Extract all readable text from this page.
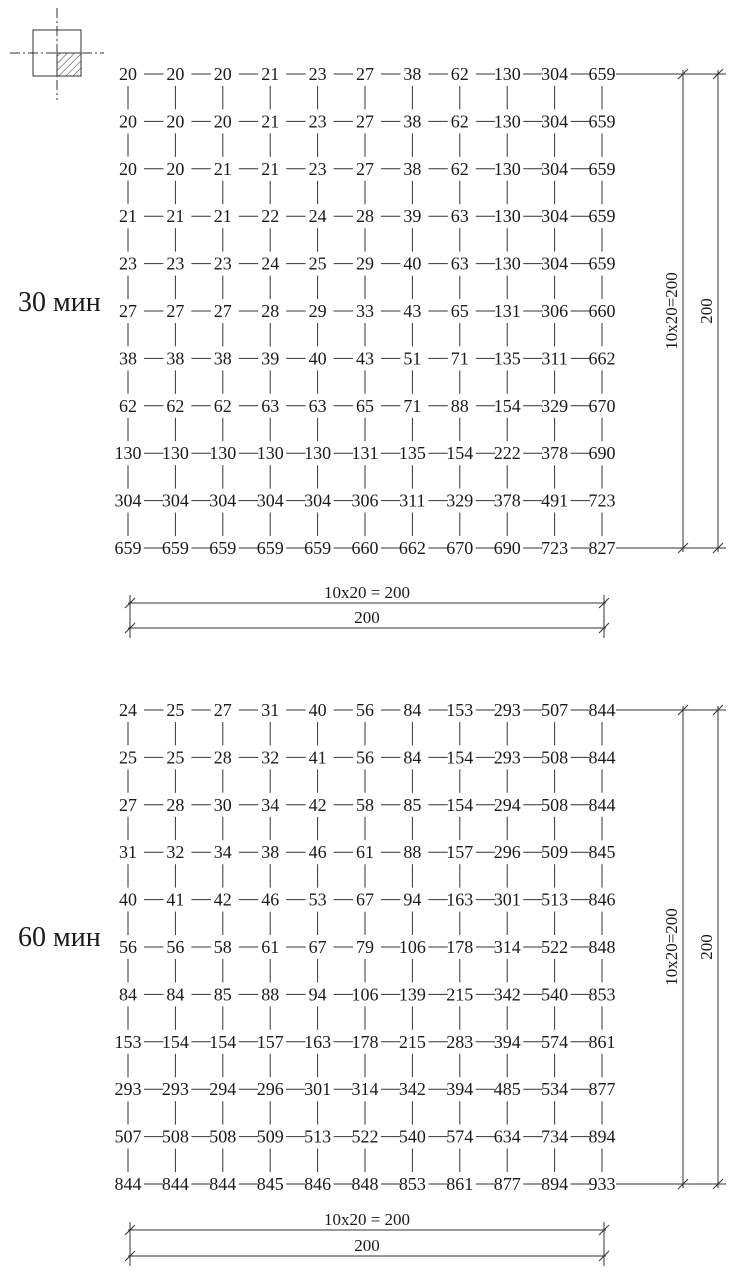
20 20 20 21 23 27 38 62 130 304 659
20 20 20 21 23 27 38 62 130 304 659
20 20 21 21 23 27 38 62 130 304 659
21 21 21 22 24 28 39 63 130 304 659
23 23 23 24 25 29 40 63 130 304 659
27 27 27 28 29 33 43 65 131 306 660
38 38 38 39 40 43 51 71 135 311 662
62 62 62 63 63 65 71 88 154 329 670
130 130 130 130 130 131 135 154 222 378 690
304 304 304 304 304 306 311 329 378 491 723
659 659 659 659 659 660 662 670 690 723 827
30 мин
10x20 = 200
200
10x20=200 200
24 25 27 31 40 56 84 153 293 507 844
25 25 28 32 41 56 84 154 293 508 844
27 28 30 34 42 58 85 154 294 508 844
31 32 34 38 46 61 88 157 296 509 845
40 41 42 46 53 67 94 163 301 513 846
56 56 58 61 67 79 106 178 314 522 848
84 84 85 88 94 106 139 215 342 540 853
153 154 154 157 163 178 215 283 394 574 861
293 293 294 296 301 314 342 394 485 534 877
507 508 508 509 513 522 540 574 634 734 894
844 844 844 845 846 848 853 861 877 894 933
60 мин
10x20 = 200
200
10x20=200 200
